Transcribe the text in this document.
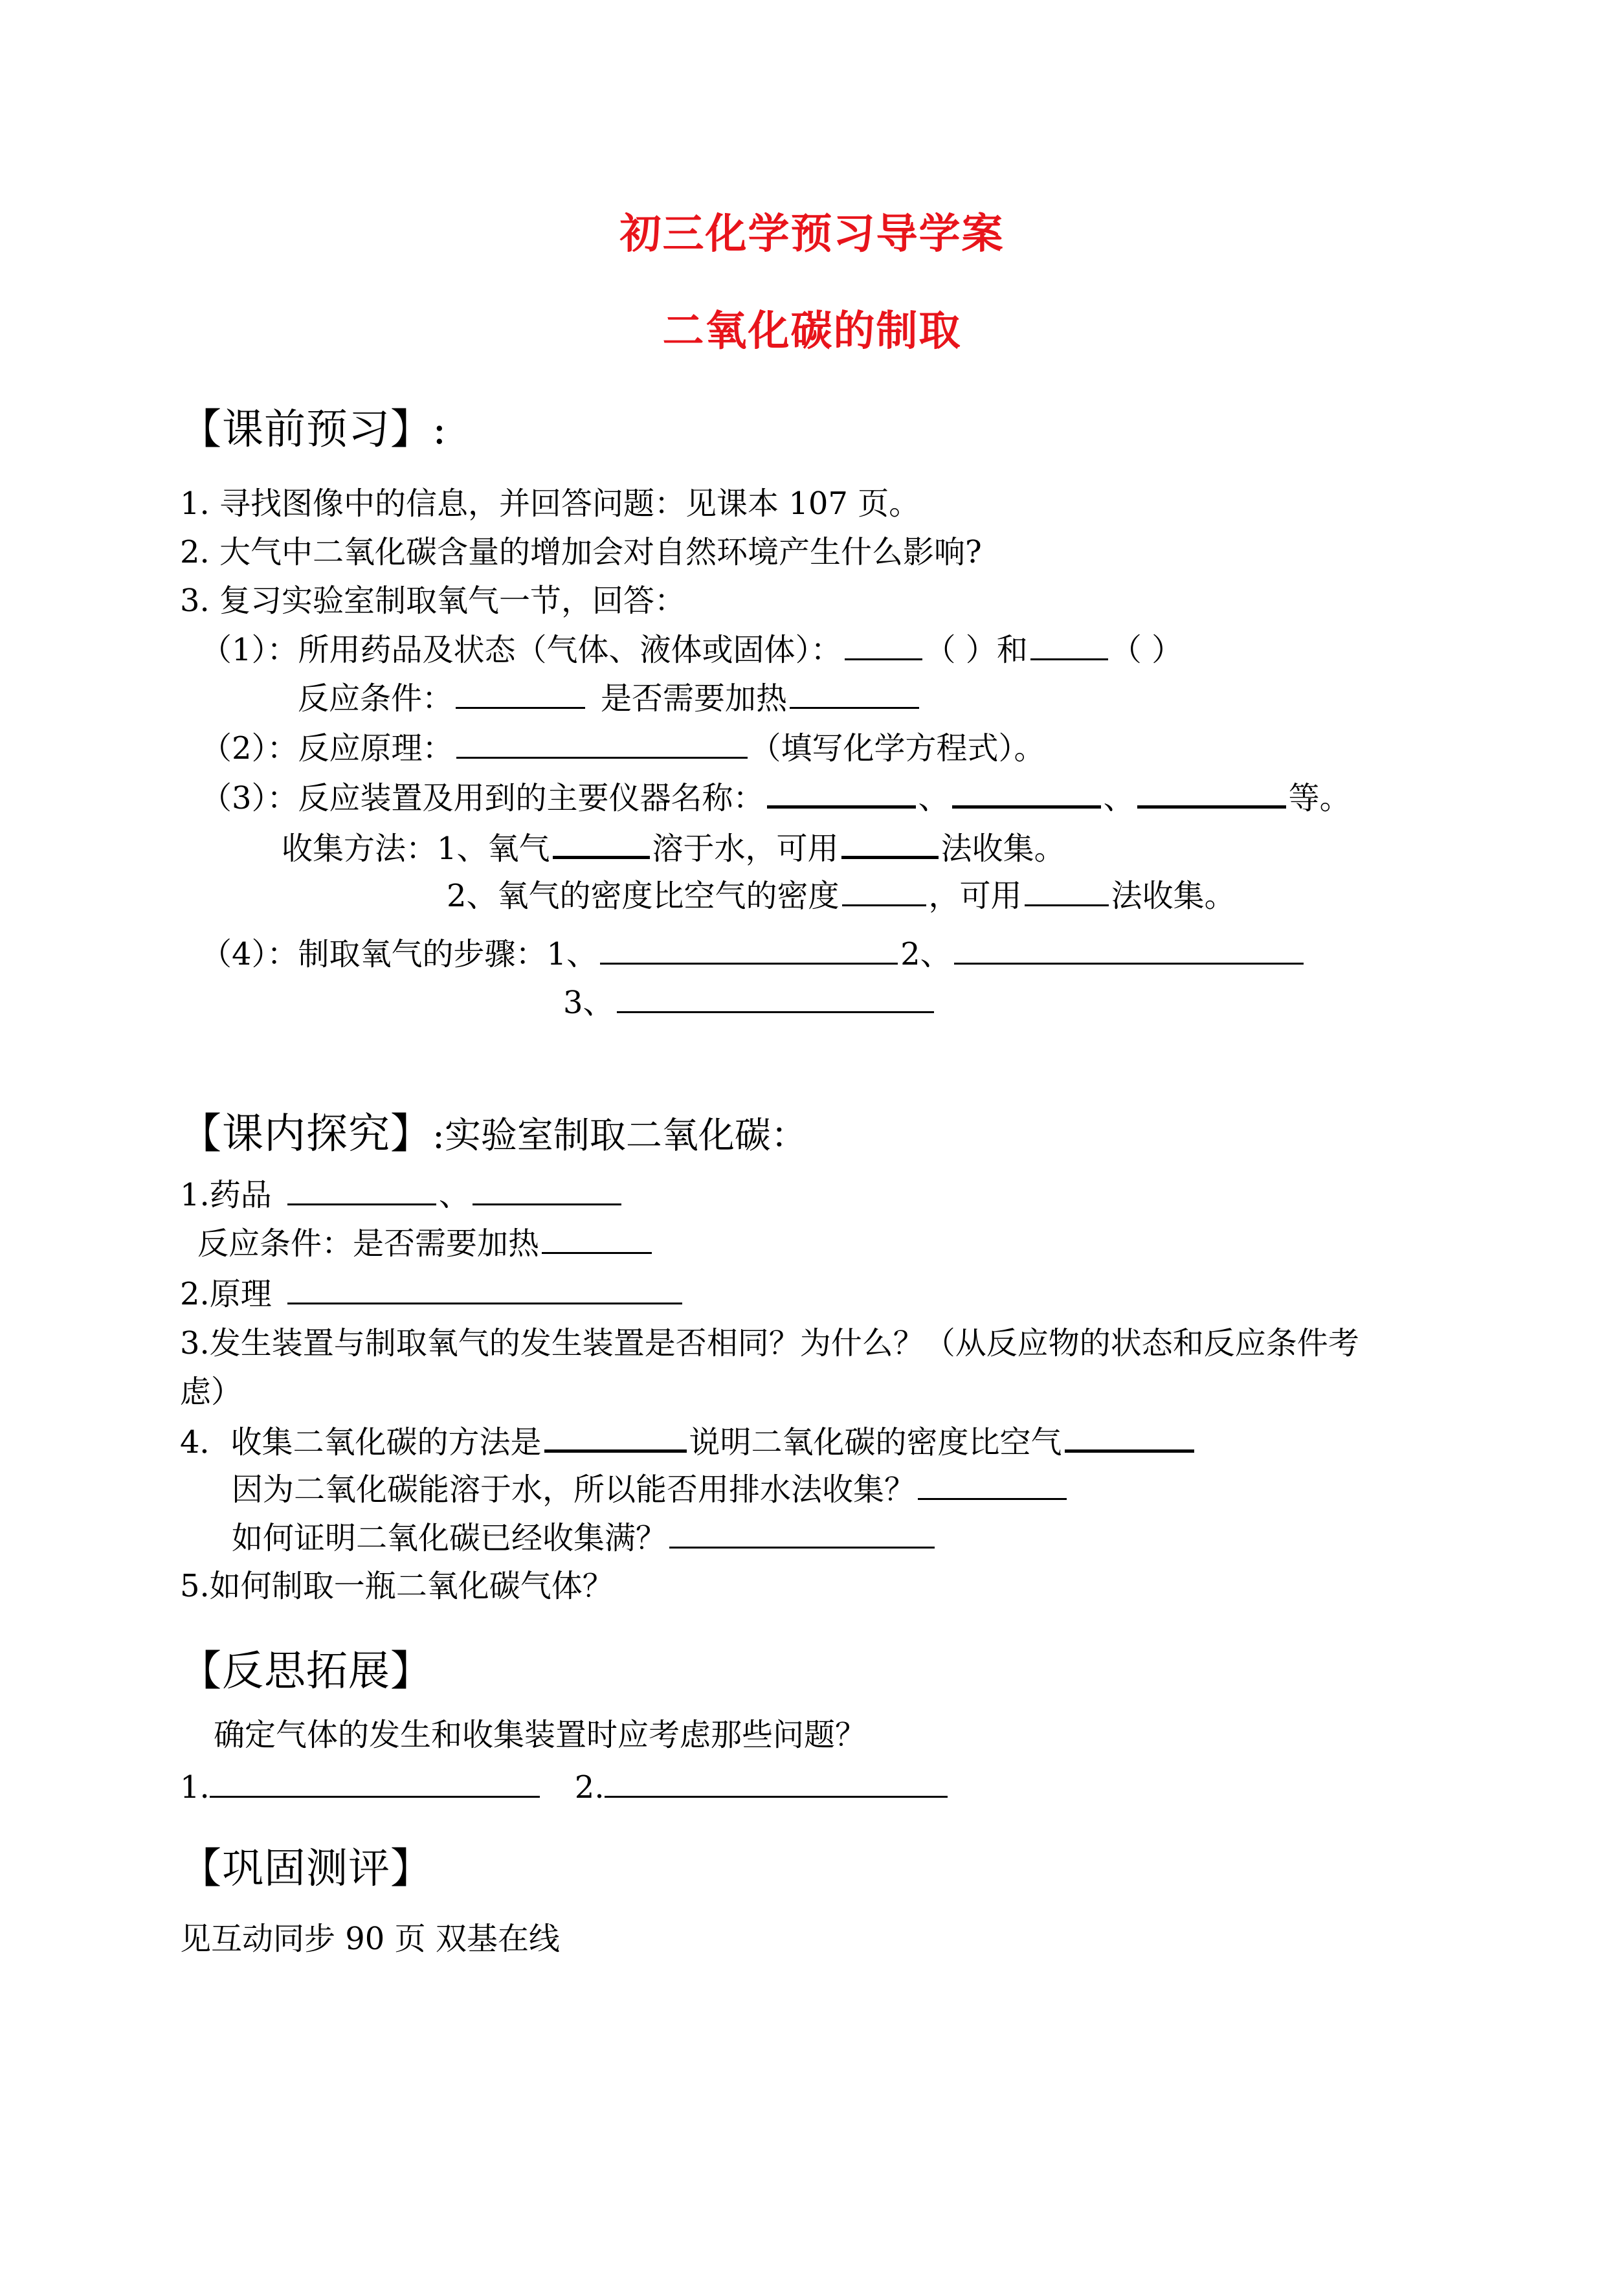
初三化学预习导学案
二氧化碳的制取
【课前预习】:
1. 寻找图像中的信息，并回答问题：见课本 107 页。
2. 大气中二氧化碳含量的增加会对自然环境产生什么影响?
3. 复习实验室制取氧气一节，回答：
（1）：所用药品及状态（气体、液体或固体）：	（ ）和	（ ）
反应条件：	是否需要加热
（2）：反应原理：	（填写化学方程式）。
（3）：反应装置及用到的主要仪器名称：	、	、	等。
收集方法：1、氧气	溶于水，可用	法收集。
2、氧气的密度比空气的密度	，可用	法收集。
（4）：制取氧气的步骤：1、	2、
3、
【课内探究】:实验室制取二氧化碳：
1.药品	、
反应条件：是否需要加热
2.原理
3.发生装置与制取氧气的发生装置是否相同？为什么？（从反应物的状态和反应条件考
虑）
4．收集二氧化碳的方法是	说明二氧化碳的密度比空气
因为二氧化碳能溶于水，所以能否用排水法收集？
如何证明二氧化碳已经收集满？
5.如何制取一瓶二氧化碳气体？
【反思拓展】
确定气体的发生和收集装置时应考虑那些问题？
1.	2.
【巩固测评】
见互动同步 90 页 双基在线
